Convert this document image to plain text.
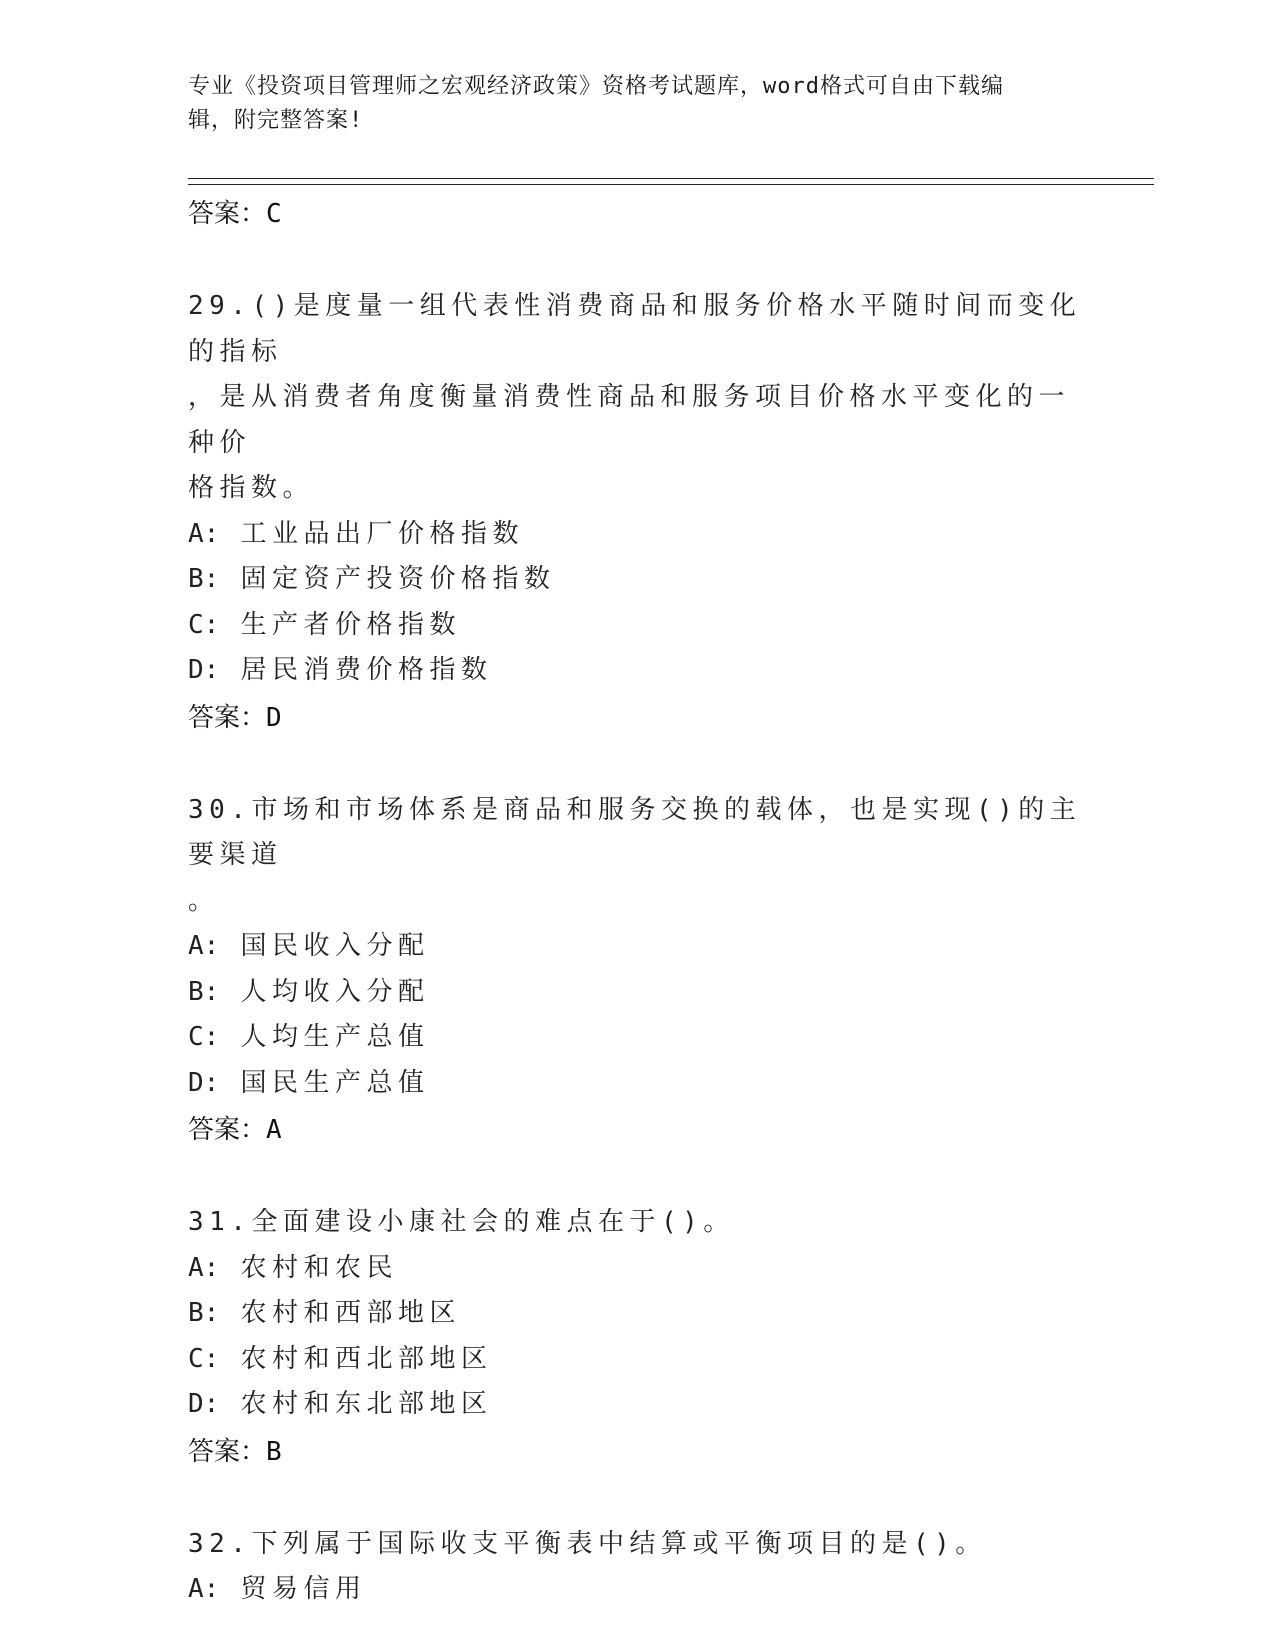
专业《投资项目管理师之宏观经济政策》资格考试题库，word格式可自由下载编
辑，附完整答案!
答案：C
29.()是度量一组代表性消费商品和服务价格水平随时间而变化的指标
，是从消费者角度衡量消费性商品和服务项目价格水平变化的一种价
格指数。
A: 工业品出厂价格指数
B: 固定资产投资价格指数
C: 生产者价格指数
D: 居民消费价格指数
答案：D
30.市场和市场体系是商品和服务交换的载体，也是实现()的主要渠道
。
A: 国民收入分配
B: 人均收入分配
C: 人均生产总值
D: 国民生产总值
答案：A
31.全面建设小康社会的难点在于()。
A: 农村和农民
B: 农村和西部地区
C: 农村和西北部地区
D: 农村和东北部地区
答案：B
32.下列属于国际收支平衡表中结算或平衡项目的是()。
A: 贸易信用
